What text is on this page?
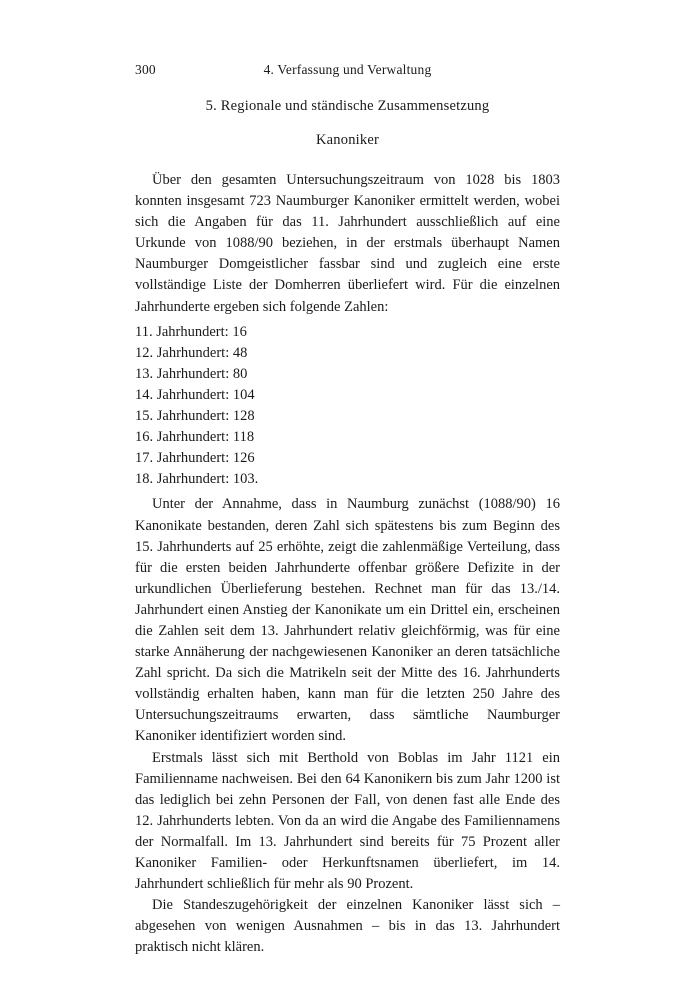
300	4. Verfassung und Verwaltung
5. Regionale und ständische Zusammensetzung
Kanoniker

Über den gesamten Untersuchungszeitraum von 1028 bis 1803 konnten insgesamt 723 Naumburger Kanoniker ermittelt werden, wobei sich die Angaben für das 11. Jahrhundert ausschließlich auf eine Urkunde von 1088/90 beziehen, in der erstmals überhaupt Namen Naumburger Domgeistlicher fassbar sind und zugleich eine erste vollständige Liste der Domherren überliefert wird. Für die einzelnen Jahrhunderte ergeben sich folgende Zahlen:

11. Jahrhundert: 16
12. Jahrhundert: 48
13. Jahrhundert: 80
14. Jahrhundert: 104
15. Jahrhundert: 128
16. Jahrhundert: 118
17. Jahrhundert: 126
18. Jahrhundert: 103.

Unter der Annahme, dass in Naumburg zunächst (1088/90) 16 Kanonikate bestanden, deren Zahl sich spätestens bis zum Beginn des 15. Jahrhunderts auf 25 erhöhte, zeigt die zahlenmäßige Verteilung, dass für die ersten beiden Jahrhunderte offenbar größere Defizite in der urkundlichen Überlieferung bestehen. Rechnet man für das 13./14. Jahrhundert einen Anstieg der Kanonikate um ein Drittel ein, erscheinen die Zahlen seit dem 13. Jahrhundert relativ gleichförmig, was für eine starke Annäherung der nachgewiesenen Kanoniker an deren tatsächliche Zahl spricht. Da sich die Matrikeln seit der Mitte des 16. Jahrhunderts vollständig erhalten haben, kann man für die letzten 250 Jahre des Untersuchungszeitraums erwarten, dass sämtliche Naumburger Kanoniker identifiziert worden sind.

Erstmals lässt sich mit Berthold von Boblas im Jahr 1121 ein Familienname nachweisen. Bei den 64 Kanonikern bis zum Jahr 1200 ist das lediglich bei zehn Personen der Fall, von denen fast alle Ende des 12. Jahrhunderts lebten. Von da an wird die Angabe des Familiennamens der Normalfall. Im 13. Jahrhundert sind bereits für 75 Prozent aller Kanoniker Familien- oder Herkunftsnamen überliefert, im 14. Jahrhundert schließlich für mehr als 90 Prozent.

Die Standeszugehörigkeit der einzelnen Kanoniker lässt sich – abgesehen von wenigen Ausnahmen – bis in das 13. Jahrhundert praktisch nicht klären.
